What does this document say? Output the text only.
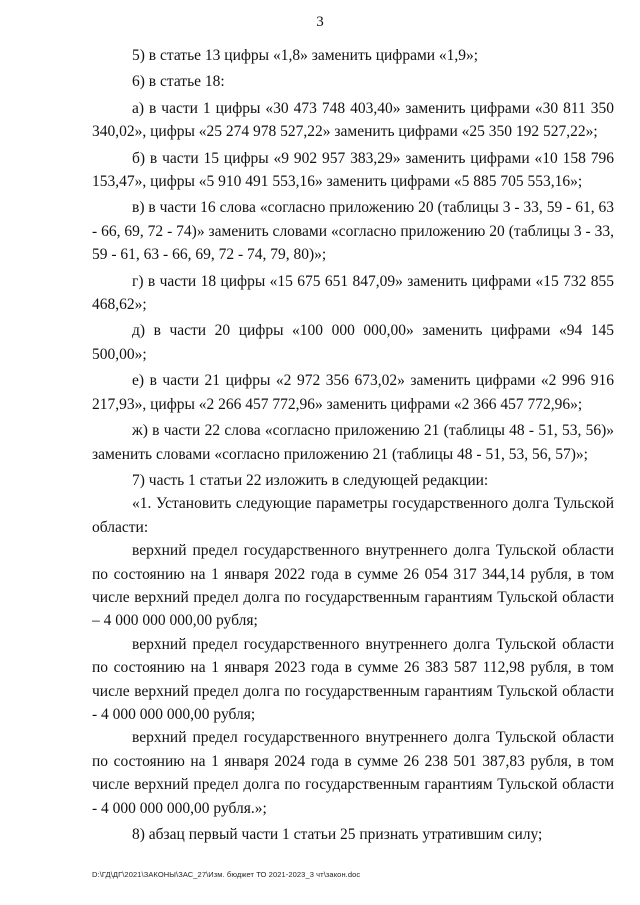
3

5) в статье 13 цифры «1,8» заменить цифрами «1,9»;

6) в статье 18:

а) в части 1 цифры «30 473 748 403,40» заменить цифрами «30 811 350 340,02», цифры «25 274 978 527,22» заменить цифрами «25 350 192 527,22»;

б) в части 15 цифры «9 902 957 383,29» заменить цифрами «10 158 796 153,47», цифры «5 910 491 553,16» заменить цифрами «5 885 705 553,16»;

в) в части 16 слова «согласно приложению 20 (таблицы 3 - 33, 59 - 61, 63 - 66, 69, 72 - 74)» заменить словами «согласно приложению 20 (таблицы 3 - 33, 59 - 61, 63 - 66, 69, 72 - 74, 79, 80)»;

г) в части 18 цифры «15 675 651 847,09» заменить цифрами «15 732 855 468,62»;

д) в части 20 цифры «100 000 000,00» заменить цифрами «94 145 500,00»;

е) в части 21 цифры «2 972 356 673,02» заменить цифрами «2 996 916 217,93», цифры «2 266 457 772,96» заменить цифрами «2 366 457 772,96»;

ж) в части 22 слова «согласно приложению 21 (таблицы 48 - 51, 53, 56)» заменить словами «согласно приложению 21 (таблицы 48 - 51, 53, 56, 57)»;

7) часть 1 статьи 22 изложить в следующей редакции:

«1. Установить следующие параметры государственного долга Тульской области:

верхний предел государственного внутреннего долга Тульской области по состоянию на 1 января 2022 года в сумме 26 054 317 344,14 рубля, в том числе верхний предел долга по государственным гарантиям Тульской области – 4 000 000 000,00 рубля;

верхний предел государственного внутреннего долга Тульской области по состоянию на 1 января 2023 года в сумме 26 383 587 112,98 рубля, в том числе верхний предел долга по государственным гарантиям Тульской области - 4 000 000 000,00 рубля;

верхний предел государственного внутреннего долга Тульской области по состоянию на 1 января 2024 года в сумме 26 238 501 387,83 рубля, в том числе верхний предел долга по государственным гарантиям Тульской области - 4 000 000 000,00 рубля.»;

8) абзац первый части 1 статьи 25 признать утратившим силу;

D:\ГД\ДГ\2021\ЗАКОНЫ\ЗАС_27\Изм. бюджет ТО 2021-2023_3 чт\закон.doc
